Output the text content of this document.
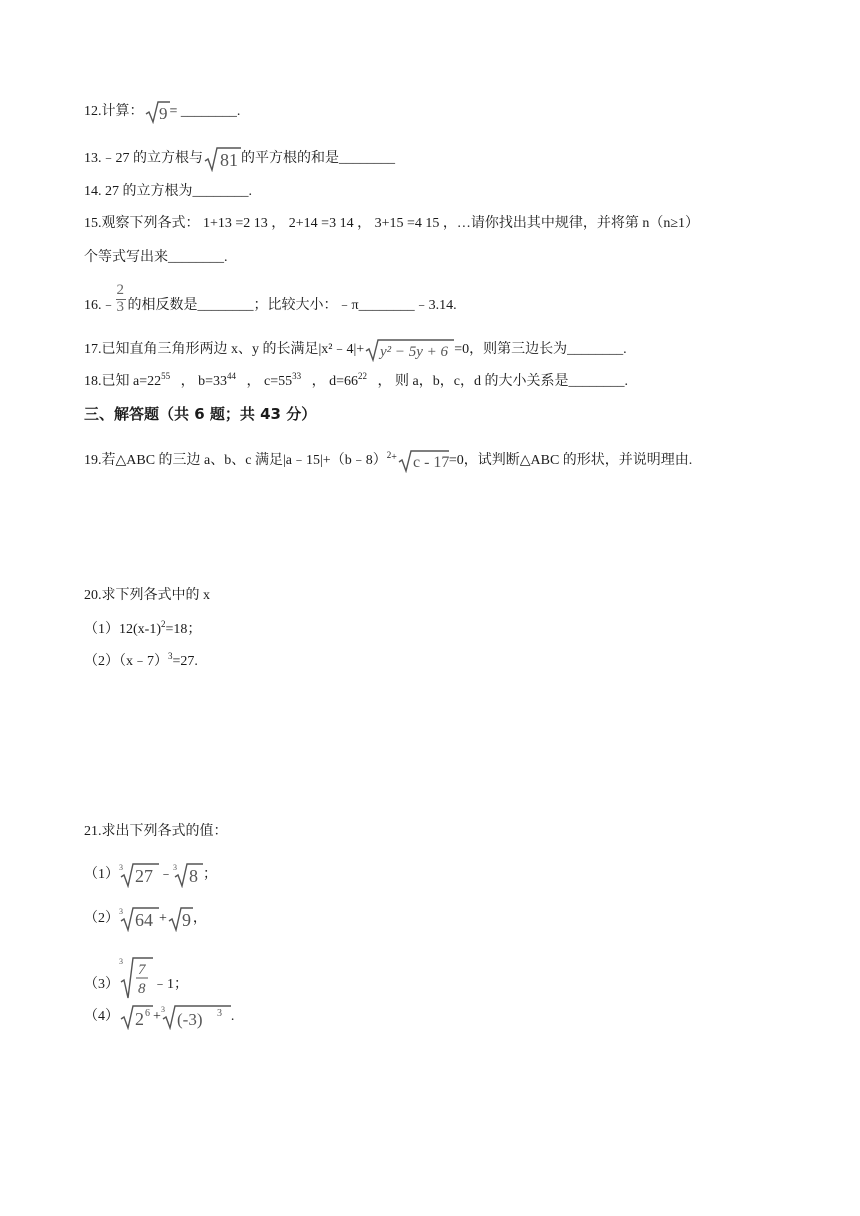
12.计算： 9 = ________.
13.﹣27 的立方根与 81 的平方根的和是________
14. 27 的立方根为________.
15.观察下列各式： 1+13 =2 13 ， 2+14 =3 14 ， 3+15 =4 15 ，…请你找出其中规律，并将第 n（n≥1）
个等式写出来________.
16.﹣ $\frac{2}{3}$ 的相反数是________；比较大小：﹣π________﹣3.14.
17.已知直角三角形两边 x、y 的长满足|x²﹣4|+ y² − 5y + 6 =0，则第三边长为________.
18.已知 $a=22^{55}$ ， $b=33^{44}$ ， $c=55^{33}$ ， $d=66^{22}$ ， 则 a，b，c，d 的大小关系是________.
三、解答题（共 6 题；共 43 分）
19.若△ABC 的三边 a、b、c 满足|a﹣15|+（b﹣8）$^{2+}$ c - 17 =0，试判断△ABC 的形状，并说明理由.
20.求下列各式中的 x
$(1)12(x-1)^2=18$；
（2）（x﹣7）$^3$=27.
21.求出下列各式的值：
（1） 3 27 ﹣ 3 8 ；
（2） 3 64 + 9 ，
（3）
3
7
8 ﹣1；
（4） 2 6 + 3
(-3) 3 .
